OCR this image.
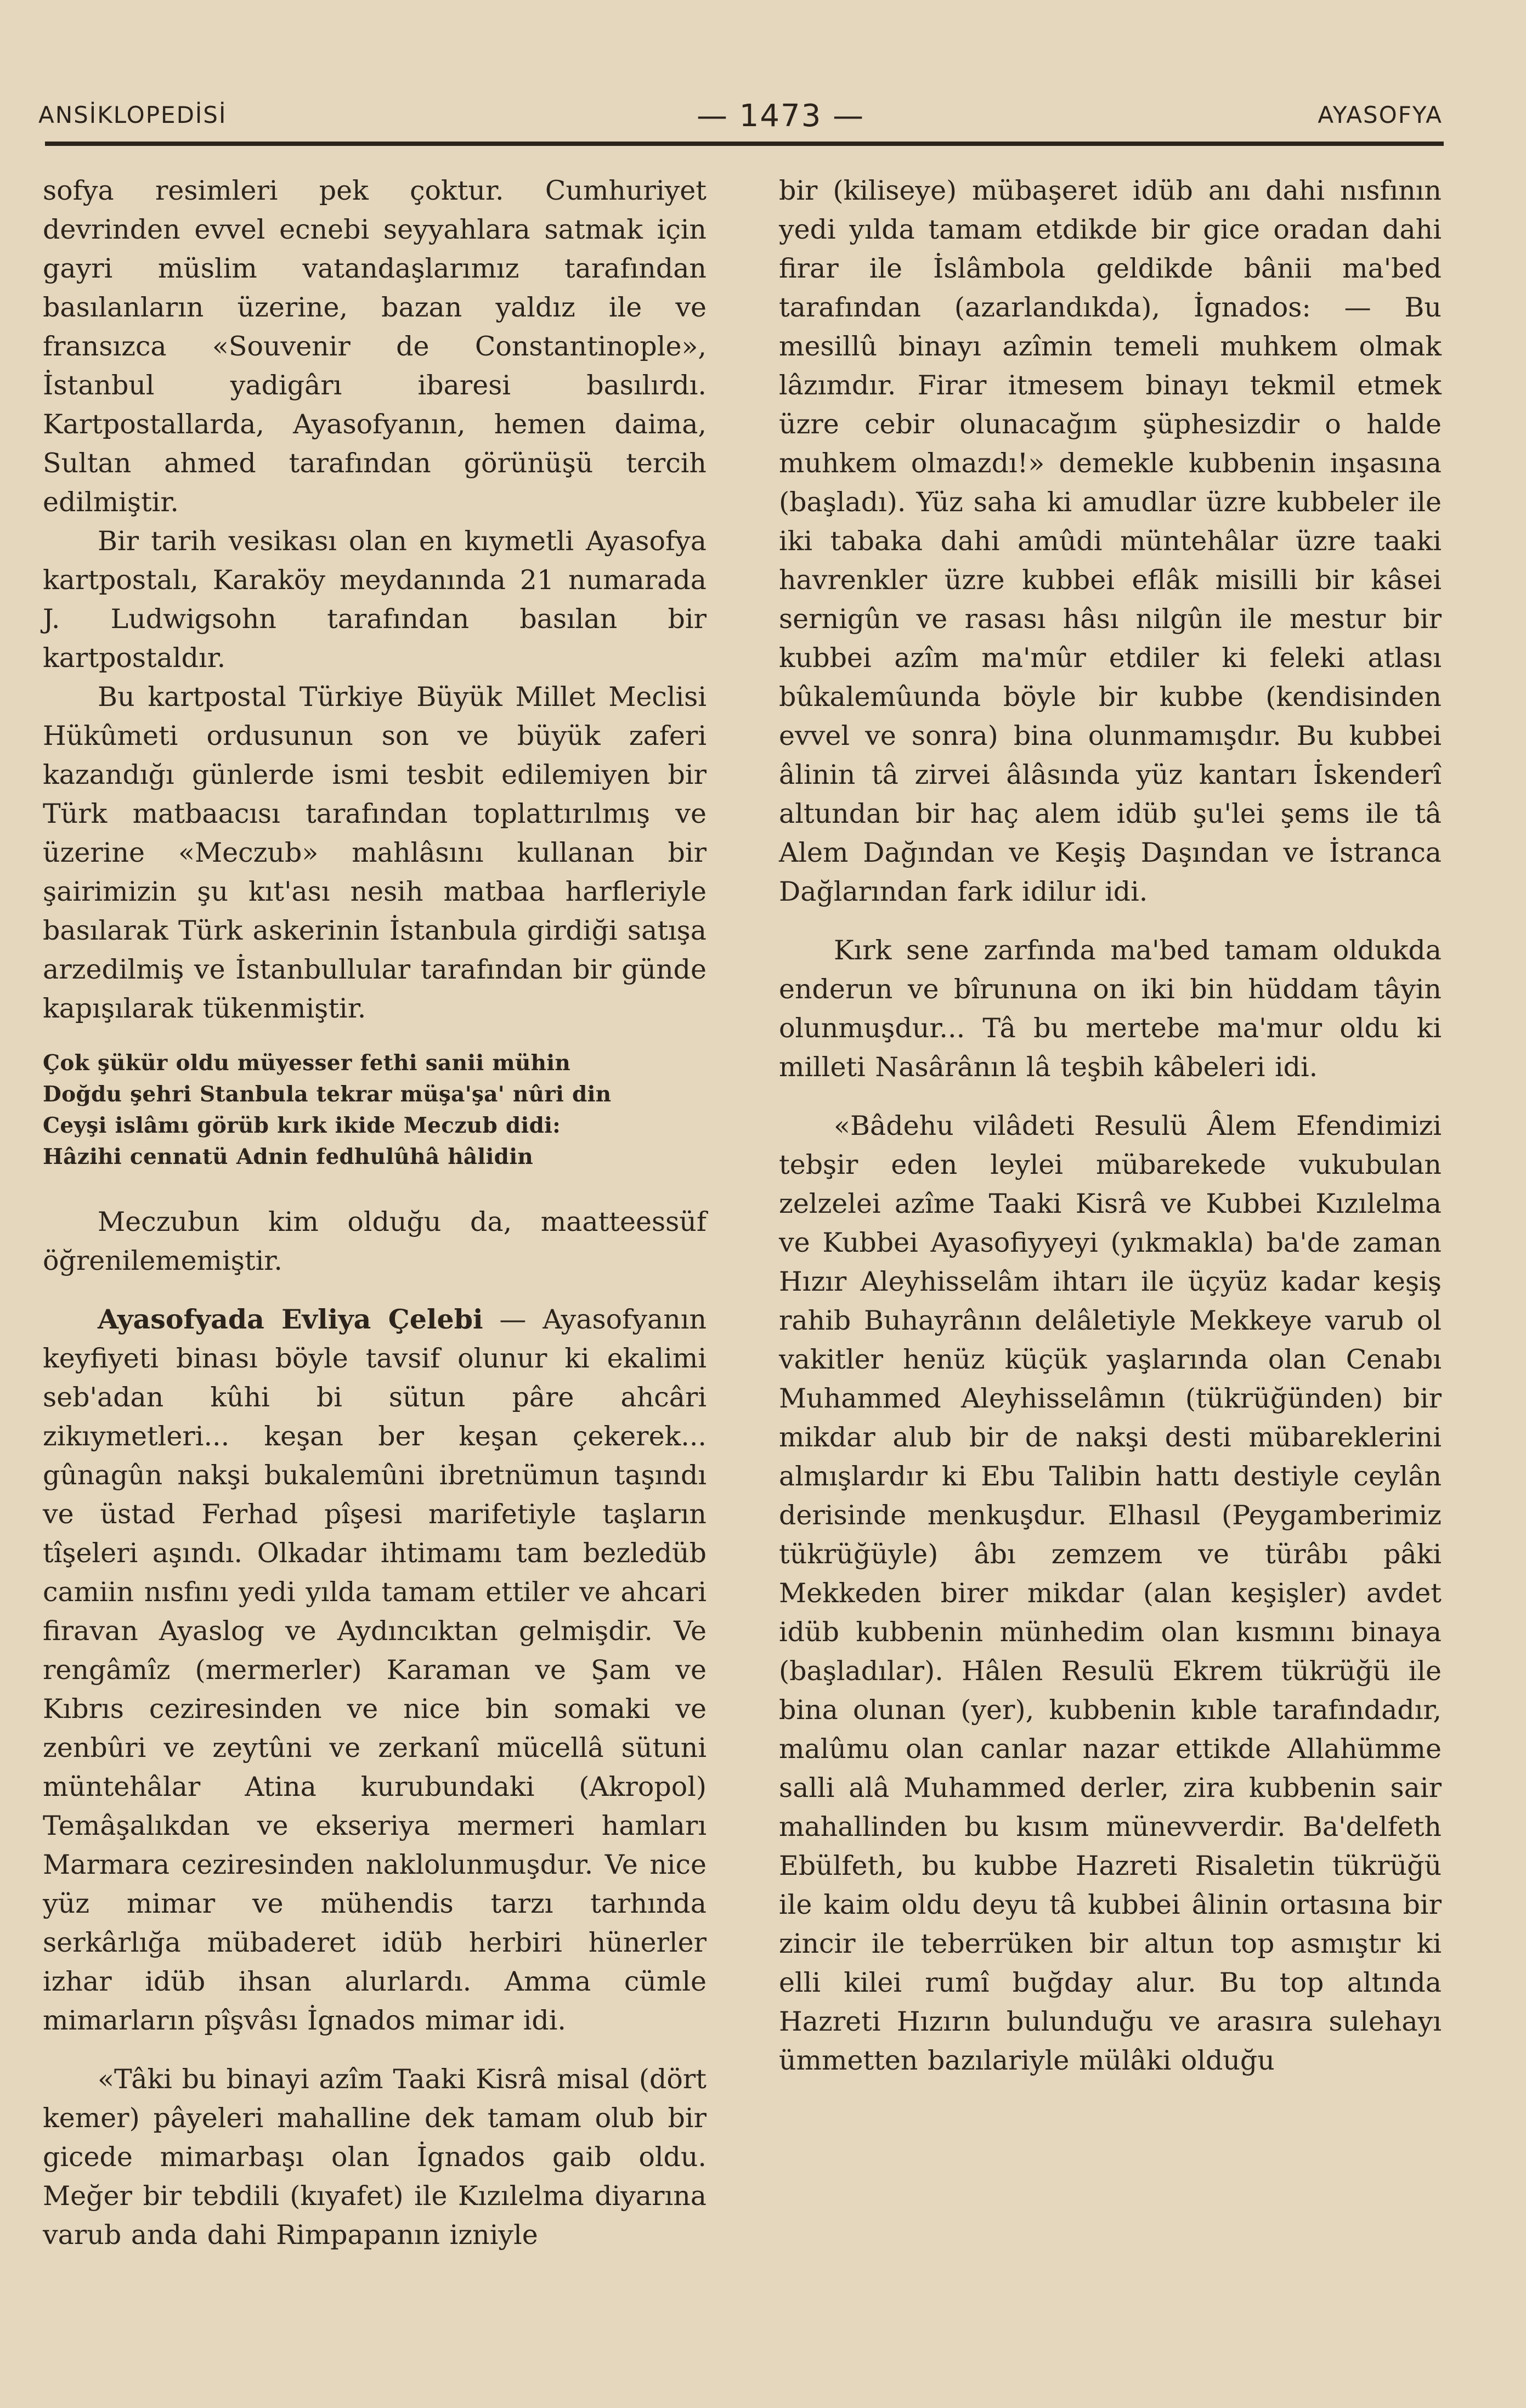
ANSİKLOPEDİSİ	— 1473 —	AYASOFYA

sofya resimleri pek çoktur. Cumhuriyet devrinden evvel ecnebi seyyahlara satmak için gayri müslim vatandaşlarımız tarafından basılanların üzerine, bazan yaldız ile ve fransızca «Souvenir de Constantinople», İstanbul yadigârı ibaresi basılırdı. Kartpostallarda, Ayasofyanın, hemen daima, Sultan ahmed tarafından görünüşü tercih edilmiştir.

Bir tarih vesikası olan en kıymetli Ayasofya kartpostalı, Karaköy meydanında 21 numarada J. Ludwigsohn tarafından basılan bir kartpostaldır.

Bu kartpostal Türkiye Büyük Millet Meclisi Hükûmeti ordusunun son ve büyük zaferi kazandığı günlerde ismi tesbit edilemiyen bir Türk matbaacısı tarafından toplattırılmış ve üzerine «Meczub» mahlâsını kullanan bir şairimizin şu kıt'ası nesih matbaa harfleriyle basılarak Türk askerinin İstanbula girdiği satışa arzedilmiş ve İstanbullular tarafından bir günde kapışılarak tükenmiştir.

Çok şükür oldu müyesser fethi sanii mühin

Doğdu şehri Stanbula tekrar müşa'şa' nûri din

Ceyşi islâmı görüb kırk ikide Meczub didi:

Hâzihi cennatü Adnin fedhulûhâ hâlidin

Meczubun kim olduğu da, maatteessüf öğrenilememiştir.

Ayasofyada Evliya Çelebi — Ayasofyanın keyfiyeti binası böyle tavsif olunur ki ekalimi seb'adan kûhi bi sütun pâre ahcâri zikıymetleri... keşan ber keşan çekerek... gûnagûn nakşi bukalemûni ibretnümun taşındı ve üstad Ferhad pîşesi marifetiyle taşların tîşeleri aşındı. Olkadar ihtimamı tam bezledüb camiin nısfını yedi yılda tamam ettiler ve ahcari firavan Ayaslog ve Aydıncıktan gelmişdir. Ve rengâmîz (mermerler) Karaman ve Şam ve Kıbrıs ceziresinden ve nice bin somaki ve zenbûri ve zeytûni ve zerkanî mücellâ sütuni müntehâlar Atina kurubundaki (Akropol) Temâşalıkdan ve ekseriya mermeri hamları Marmara ceziresinden naklolunmuşdur. Ve nice yüz mimar ve mühendis tarzı tarhında serkârlığa mübaderet idüb herbiri hünerler izhar idüb ihsan alurlardı. Amma cümle mimarların pîşvâsı İgnados mimar idi.

«Tâki bu binayi azîm Taaki Kisrâ misal (dört kemer) pâyeleri mahalline dek tamam olub bir gicede mimarbaşı olan İgnados gaib oldu. Meğer bir tebdili (kıyafet) ile Kızılelma diyarına varub anda dahi Rimpapanın izniyle

bir (kiliseye) mübaşeret idüb anı dahi nısfının yedi yılda tamam etdikde bir gice oradan dahi firar ile İslâmbola geldikde bânii ma'bed tarafından (azarlandıkda), İgnados: — Bu mesillû binayı azîmin temeli muhkem olmak lâzımdır. Firar itmesem binayı tekmil etmek üzre cebir olunacağım şüphesizdir o halde muhkem olmazdı!» demekle kubbenin inşasına (başladı). Yüz saha ki amudlar üzre kubbeler ile iki tabaka dahi amûdi müntehâlar üzre taaki havrenkler üzre kubbei eflâk misilli bir kâsei sernigûn ve rasası hâsı nilgûn ile mestur bir kubbei azîm ma'mûr etdiler ki feleki atlası bûkalemûunda böyle bir kubbe (kendisinden evvel ve sonra) bina olunmamışdır. Bu kubbei âlinin tâ zirvei âlâsında yüz kantarı İskenderî altundan bir haç alem idüb şu'lei şems ile tâ Alem Dağından ve Keşiş Daşından ve İstranca Dağlarından fark idilur idi.

Kırk sene zarfında ma'bed tamam oldukda enderun ve bîrununa on iki bin hüddam tâyin olunmuşdur... Tâ bu mertebe ma'mur oldu ki milleti Nasârânın lâ teşbih kâbeleri idi.

«Bâdehu vilâdeti Resulü Âlem Efendimizi tebşir eden leylei mübarekede vukubulan zelzelei azîme Taaki Kisrâ ve Kubbei Kızılelma ve Kubbei Ayasofiyyeyi (yıkmakla) ba'de zaman Hızır Aleyhisselâm ihtarı ile üçyüz kadar keşiş rahib Buhayrânın delâletiyle Mekkeye varub ol vakitler henüz küçük yaşlarında olan Cenabı Muhammed Aleyhisselâmın (tükrüğünden) bir mikdar alub bir de nakşi desti mübareklerini almışlardır ki Ebu Talibin hattı destiyle ceylân derisinde menkuşdur. Elhasıl (Peygamberimiz tükrüğüyle) âbı zemzem ve türâbı pâki Mekkeden birer mikdar (alan keşişler) avdet idüb kubbenin münhedim olan kısmını binaya (başladılar). Hâlen Resulü Ekrem tükrüğü ile bina olunan (yer), kubbenin kıble tarafındadır, malûmu olan canlar nazar ettikde Allahümme salli alâ Muhammed derler, zira kubbenin sair mahallinden bu kısım münevverdir. Ba'delfeth Ebülfeth, bu kubbe Hazreti Risaletin tükrüğü ile kaim oldu deyu tâ kubbei âlinin ortasına bir zincir ile teberrüken bir altun top asmıştır ki elli kilei rumî buğday alur. Bu top altında Hazreti Hızırın bulunduğu ve arasıra sulehayı ümmetten bazılariyle mülâki olduğu
